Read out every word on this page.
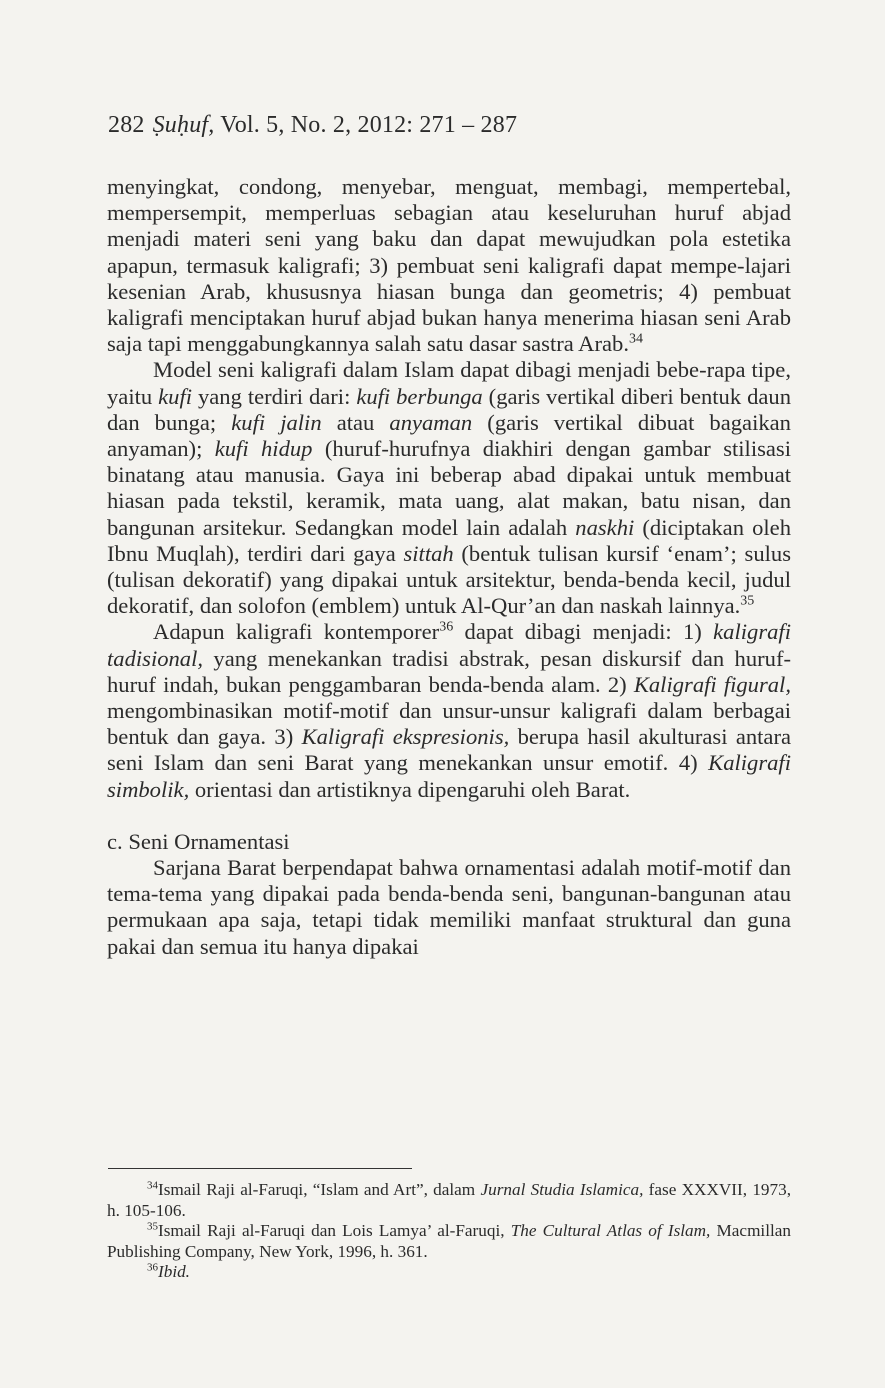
282 Ṣuḥuf, Vol. 5, No. 2, 2012: 271 – 287

menyingkat, condong, menyebar, menguat, membagi, mempertebal, mempersempit, memperluas sebagian atau keseluruhan huruf abjad menjadi materi seni yang baku dan dapat mewujudkan pola estetika apapun, termasuk kaligrafi; 3) pembuat seni kaligrafi dapat mempe-lajari kesenian Arab, khususnya hiasan bunga dan geometris; 4) pembuat kaligrafi menciptakan huruf abjad bukan hanya menerima hiasan seni Arab saja tapi menggabungkannya salah satu dasar sastra Arab.$^{34}$

Model seni kaligrafi dalam Islam dapat dibagi menjadi bebe-rapa tipe, yaitu kufi yang terdiri dari: kufi berbunga (garis vertikal diberi bentuk daun dan bunga; kufi jalin atau anyaman (garis vertikal dibuat bagaikan anyaman); kufi hidup (huruf-hurufnya diakhiri dengan gambar stilisasi binatang atau manusia. Gaya ini beberap abad dipakai untuk membuat hiasan pada tekstil, keramik, mata uang, alat makan, batu nisan, dan bangunan arsitekur. Sedangkan model lain adalah naskhi (diciptakan oleh Ibnu Muqlah), terdiri dari gaya sittah (bentuk tulisan kursif ‘enam’; sulus (tulisan dekoratif) yang dipakai untuk arsitektur, benda-benda kecil, judul dekoratif, dan solofon (emblem) untuk Al-Qur’an dan naskah lainnya.$^{35}$

Adapun kaligrafi kontemporer$^{36}$ dapat dibagi menjadi: 1) kaligrafi tadisional, yang menekankan tradisi abstrak, pesan diskursif dan huruf-huruf indah, bukan penggambaran benda-benda alam. 2) Kaligrafi figural, mengombinasikan motif-motif dan unsur-unsur kaligrafi dalam berbagai bentuk dan gaya. 3) Kaligrafi ekspresionis, berupa hasil akulturasi antara seni Islam dan seni Barat yang menekankan unsur emotif. 4) Kaligrafi simbolik, orientasi dan artistiknya dipengaruhi oleh Barat.

c. Seni Ornamentasi

Sarjana Barat berpendapat bahwa ornamentasi adalah motif-motif dan tema-tema yang dipakai pada benda-benda seni, bangunan-bangunan atau permukaan apa saja, tetapi tidak memiliki manfaat struktural dan guna pakai dan semua itu hanya dipakai

$^{34}$Ismail Raji al-Faruqi, “Islam and Art”, dalam Jurnal Studia Islamica, fase XXXVII, 1973, h. 105-106.

$^{35}$Ismail Raji al-Faruqi dan Lois Lamya’ al-Faruqi, The Cultural Atlas of Islam, Macmillan Publishing Company, New York, 1996, h. 361.

$^{36}$Ibid.
